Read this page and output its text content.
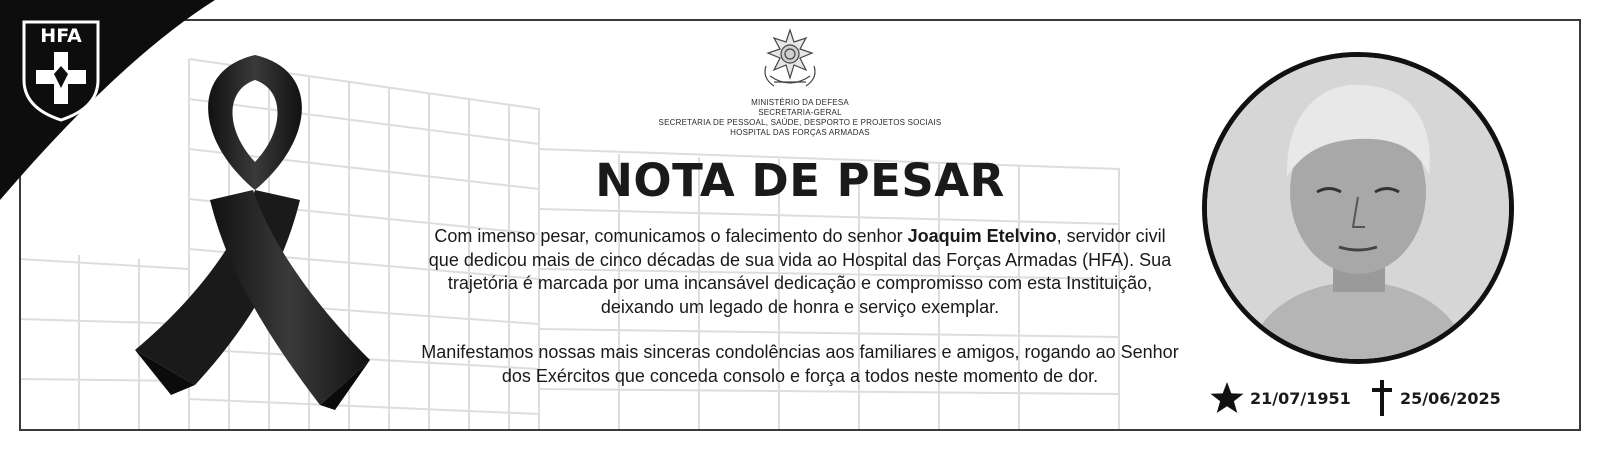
HFA
MINISTÉRIO DA DEFESA
SECRETARIA-GERAL
SECRETARIA DE PESSOAL, SAÚDE, DESPORTO E PROJETOS SOCIAIS
HOSPITAL DAS FORÇAS ARMADAS
NOTA DE PESAR

Com imenso pesar, comunicamos o falecimento do senhor Joaquim Etelvino, servidor civil que dedicou mais de cinco décadas de sua vida ao Hospital das Forças Armadas (HFA). Sua trajetória é marcada por uma incansável dedicação e compromisso com esta Instituição, deixando um legado de honra e serviço exemplar.

Manifestamos nossas mais sinceras condolências aos familiares e amigos, rogando ao Senhor dos Exércitos que conceda consolo e força a todos neste momento de dor.

21/07/1951	25/06/2025
